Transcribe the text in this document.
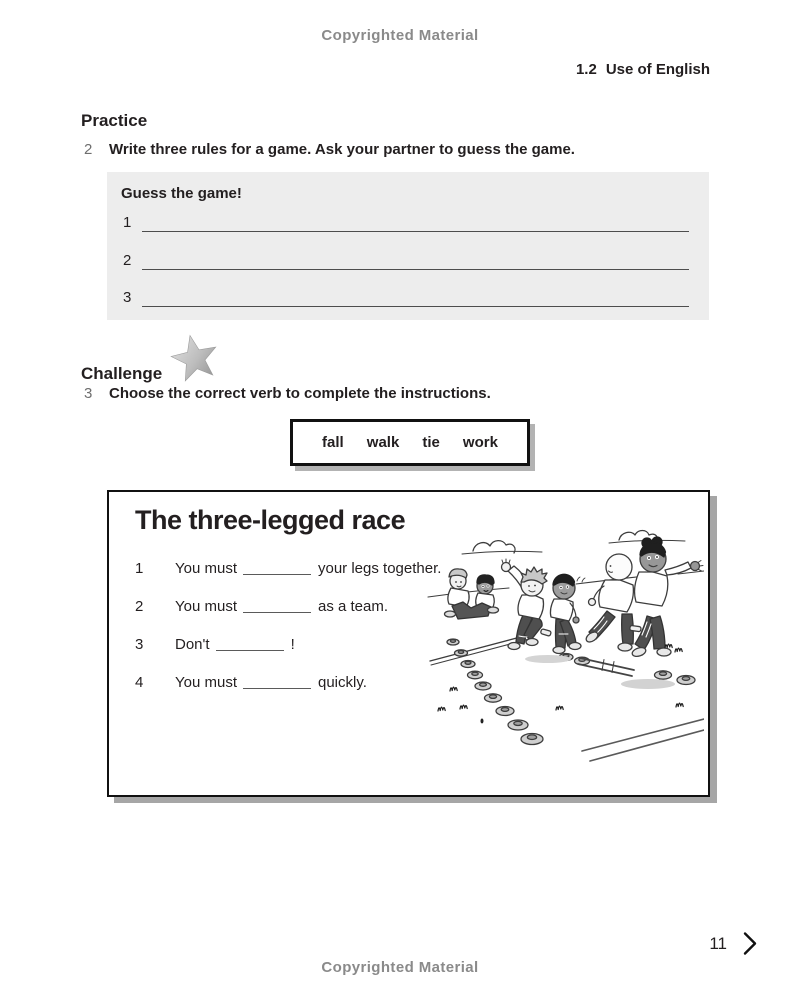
Copyrighted Material
1.2 Use of English
Practice
2	Write three rules for a game. Ask your partner to guess the game.
Guess the game!
1
2
3
Challenge
3	Choose the correct verb to complete the instructions.
fall walk tie work
The three-legged race
1	You must	your legs together.
2	You must	as a team.
3	Don't	!
4	You must	quickly.
11
Copyrighted Material
